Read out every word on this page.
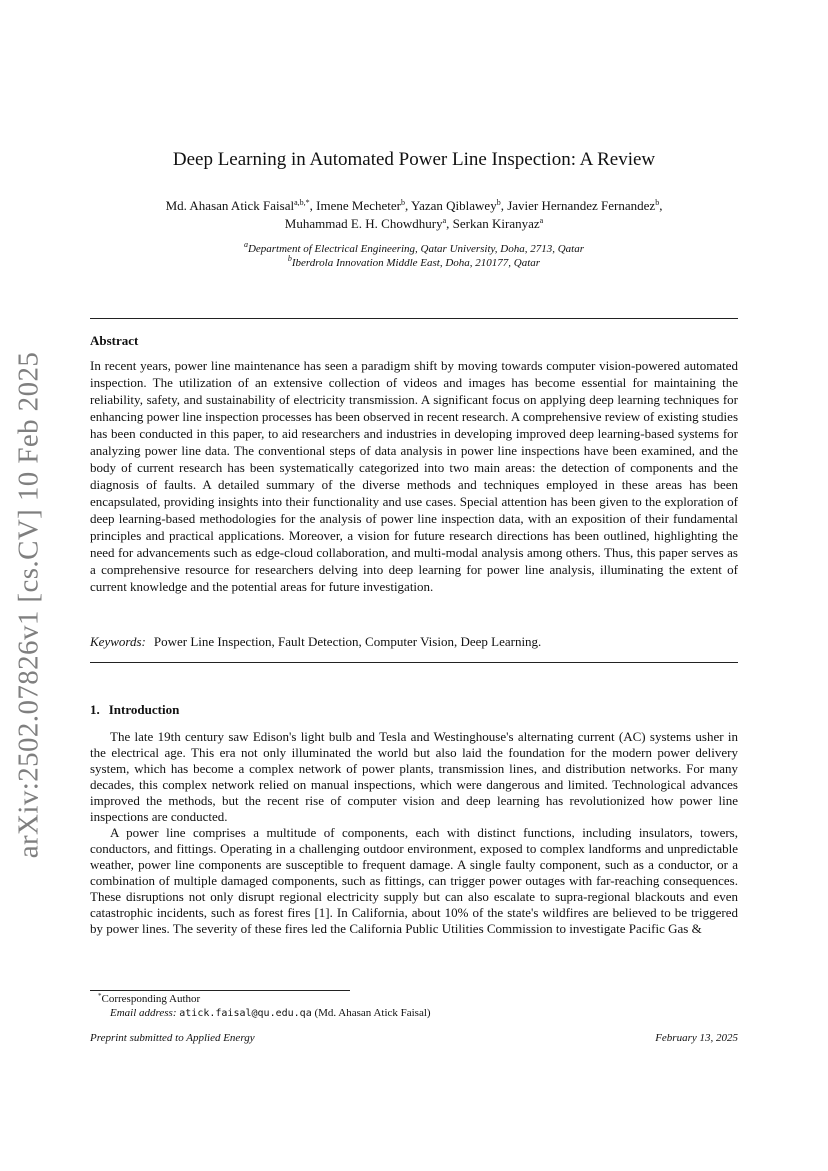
arXiv:2502.07826v1 [cs.CV] 10 Feb 2025
Deep Learning in Automated Power Line Inspection: A Review
Md. Ahasan Atick Faisal$^{a,b,*}$, Imene Mecheter$^b$, Yazan Qiblawey$^b$, Javier Hernandez Fernandez$^b$,
Muhammad E. H. Chowdhury$^a$, Serkan Kiranyaz$^a$
$^a$Department of Electrical Engineering, Qatar University, Doha, 2713, Qatar
$^b$Iberdrola Innovation Middle East, Doha, 210177, Qatar
Abstract

In recent years, power line maintenance has seen a paradigm shift by moving towards computer vision-powered automated inspection. The utilization of an extensive collection of videos and images has become essential for maintaining the reliability, safety, and sustainability of electricity transmission. A significant focus on applying deep learning techniques for enhancing power line inspection processes has been observed in recent research. A comprehensive review of existing studies has been conducted in this paper, to aid researchers and industries in developing improved deep learning-based systems for analyzing power line data. The conventional steps of data analysis in power line inspections have been examined, and the body of current research has been systematically categorized into two main areas: the detection of components and the diagnosis of faults. A detailed summary of the diverse methods and techniques employed in these areas has been encapsulated, providing insights into their functionality and use cases. Special attention has been given to the exploration of deep learning-based methodologies for the analysis of power line inspection data, with an exposition of their fundamental principles and practical applications. Moreover, a vision for future research directions has been outlined, highlighting the need for advancements such as edge-cloud collaboration, and multi-modal analysis among others. Thus, this paper serves as a comprehensive resource for researchers delving into deep learning for power line analysis, illuminating the extent of current knowledge and the potential areas for future investigation.

Keywords: Power Line Inspection, Fault Detection, Computer Vision, Deep Learning.
1. Introduction

The late 19th century saw Edison's light bulb and Tesla and Westinghouse's alternating current (AC) systems usher in the electrical age. This era not only illuminated the world but also laid the foundation for the modern power delivery system, which has become a complex network of power plants, transmission lines, and distribution networks. For many decades, this complex network relied on manual inspections, which were dangerous and limited. Technological advances improved the methods, but the recent rise of computer vision and deep learning has revolutionized how power line inspections are conducted.

A power line comprises a multitude of components, each with distinct functions, including insulators, towers, conductors, and fittings. Operating in a challenging outdoor environment, exposed to complex landforms and unpredictable weather, power line components are susceptible to frequent damage. A single faulty component, such as a conductor, or a combination of multiple damaged components, such as fittings, can trigger power outages with far-reaching consequences. These disruptions not only disrupt regional electricity supply but can also escalate to supra-regional blackouts and even catastrophic incidents, such as forest fires [1]. In California, about 10% of the state's wildfires are believed to be triggered by power lines. The severity of these fires led the California Public Utilities Commission to investigate Pacific Gas &

*Corresponding Author
Email address: atick.faisal@qu.edu.qa (Md. Ahasan Atick Faisal)
Preprint submitted to Applied Energy	February 13, 2025
